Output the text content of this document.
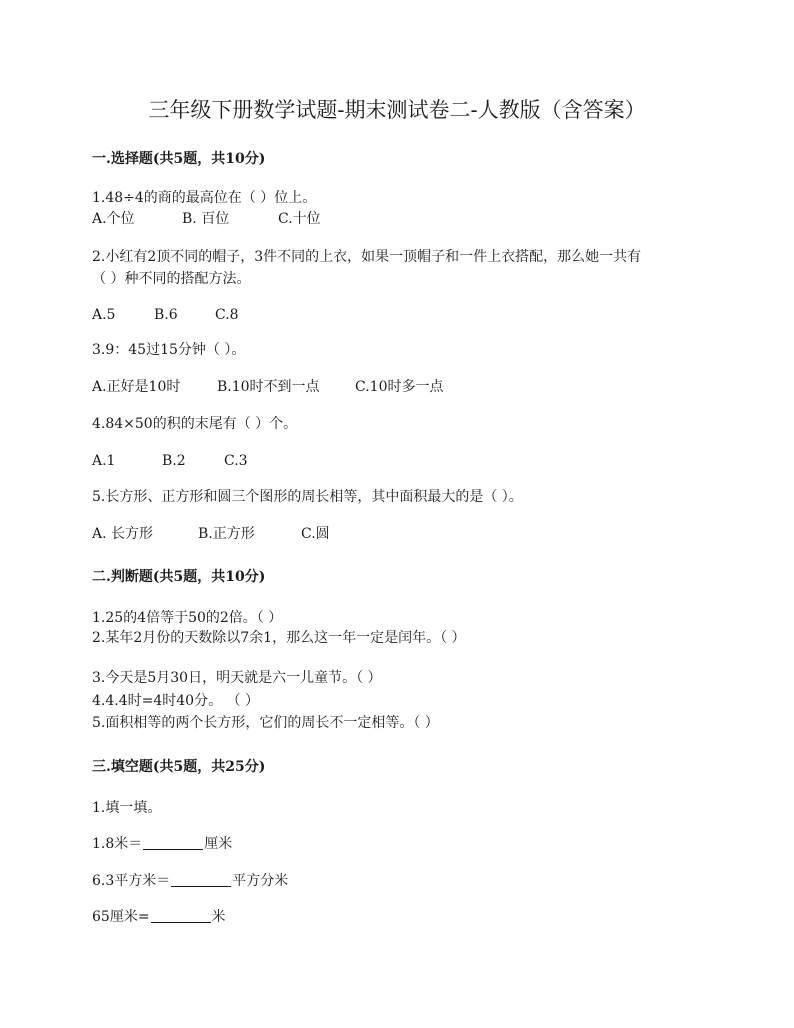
三年级下册数学试题-期末测试卷二-人教版（含答案）
一.选择题(共5题，共10分)
1.48÷4的商的最高位在（ ）位上。
A.个位	B. 百位	C.十位
2.小红有2顶不同的帽子，3件不同的上衣，如果一顶帽子和一件上衣搭配，那么她一共有
（ ）种不同的搭配方法。
A.5	B.6	C.8
3.9：45过15分钟（ ）。
A.正好是10时	B.10时不到一点	C.10时多一点
4.84×50的积的末尾有（ ）个。
A.1	B.2	C.3
5.长方形、正方形和圆三个图形的周长相等，其中面积最大的是（ ）。
A. 长方形	B.正方形	C.圆
二.判断题(共5题，共10分)
1.25的4倍等于50的2倍。（ ）
2.某年2月份的天数除以7余1，那么这一年一定是闰年。（ ）
3.今天是5月30日，明天就是六一儿童节。（ ）
4.4.4时=4时40分。 （ ）
5.面积相等的两个长方形，它们的周长不一定相等。（ ）
三.填空题(共5题，共25分)
1.填一填。
1.8米＝	厘米
6.3平方米＝	平方分米
65厘米=	米
